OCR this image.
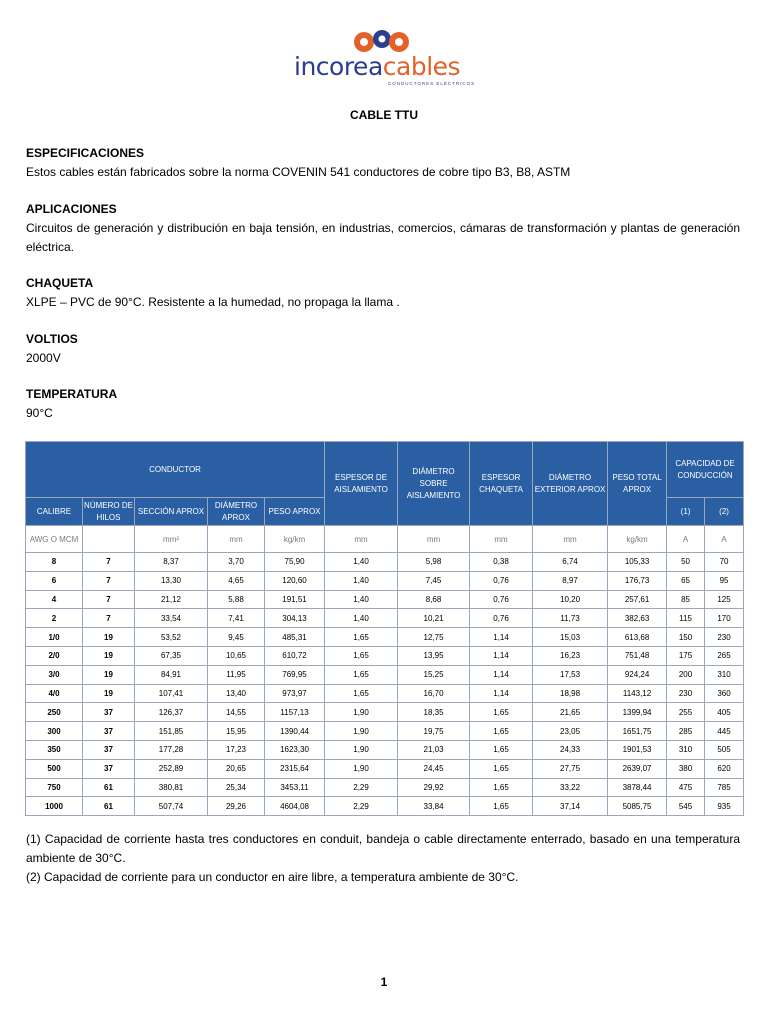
incoreacables
CONDUCTORES ELÉCTRICOS
CABLE TTU
ESPECIFICACIONES

Estos cables están fabricados sobre la norma COVENIN 541 conductores de cobre tipo B3, B8, ASTM

APLICACIONES

Circuitos de generación y distribución en baja tensión, en industrias, comercios, cámaras de transformación y plantas de generación eléctrica.

CHAQUETA

XLPE – PVC de 90°C. Resistente a la humedad, no propaga la llama .

VOLTIOS

2000V

TEMPERATURA

90°C

CONDUCTOR					ESPESOR DE AISLAMIENTO	DIÁMETRO SOBRE AISLAMIENTO	ESPESOR CHAQUETA	DIÁMETRO EXTERIOR APROX	PESO TOTAL APROX	CAPACIDAD DE CONDUCCIÓN	
CALIBRE	NÚMERO DE HILOS	SECCIÓN APROX	DIÁMETRO APROX	PESO APROX						(1)	(2)
AWG O MCM		mm²	mm	kg/km	mm	mm	mm	mm	kg/km	A	A
8	7	8,37	3,70	75,90	1,40	5,98	0,38	6,74	105,33	50	70
6	7	13,30	4,65	120,60	1,40	7,45	0,76	8,97	176,73	65	95
4	7	21,12	5,88	191,51	1,40	8,68	0,76	10,20	257,61	85	125
2	7	33,54	7,41	304,13	1,40	10,21	0,76	11,73	382,63	115	170
1/0	19	53,52	9,45	485,31	1,65	12,75	1,14	15,03	613,68	150	230
2/0	19	67,35	10,65	610,72	1,65	13,95	1,14	16,23	751,48	175	265
3/0	19	84,91	11,95	769,95	1,65	15,25	1,14	17,53	924,24	200	310
4/0	19	107,41	13,40	973,97	1,65	16,70	1,14	18,98	1143,12	230	360
250	37	126,37	14,55	1157,13	1,90	18,35	1,65	21,65	1399,94	255	405
300	37	151,85	15,95	1390,44	1,90	19,75	1,65	23,05	1651,75	285	445
350	37	177,28	17,23	1623,30	1,90	21,03	1,65	24,33	1901,53	310	505
500	37	252,89	20,65	2315,64	1,90	24,45	1,65	27,75	2639,07	380	620
750	61	380,81	25,34	3453,11	2,29	29,92	1,65	33,22	3878,44	475	785
1000	61	507,74	29,26	4604,08	2,29	33,84	1,65	37,14	5085,75	545	935

(1) Capacidad de corriente hasta tres conductores en conduit, bandeja o cable directamente enterrado, basado en una temperatura ambiente de 30°C.

(2) Capacidad de corriente para un conductor en aire libre, a temperatura ambiente de 30°C.

1
